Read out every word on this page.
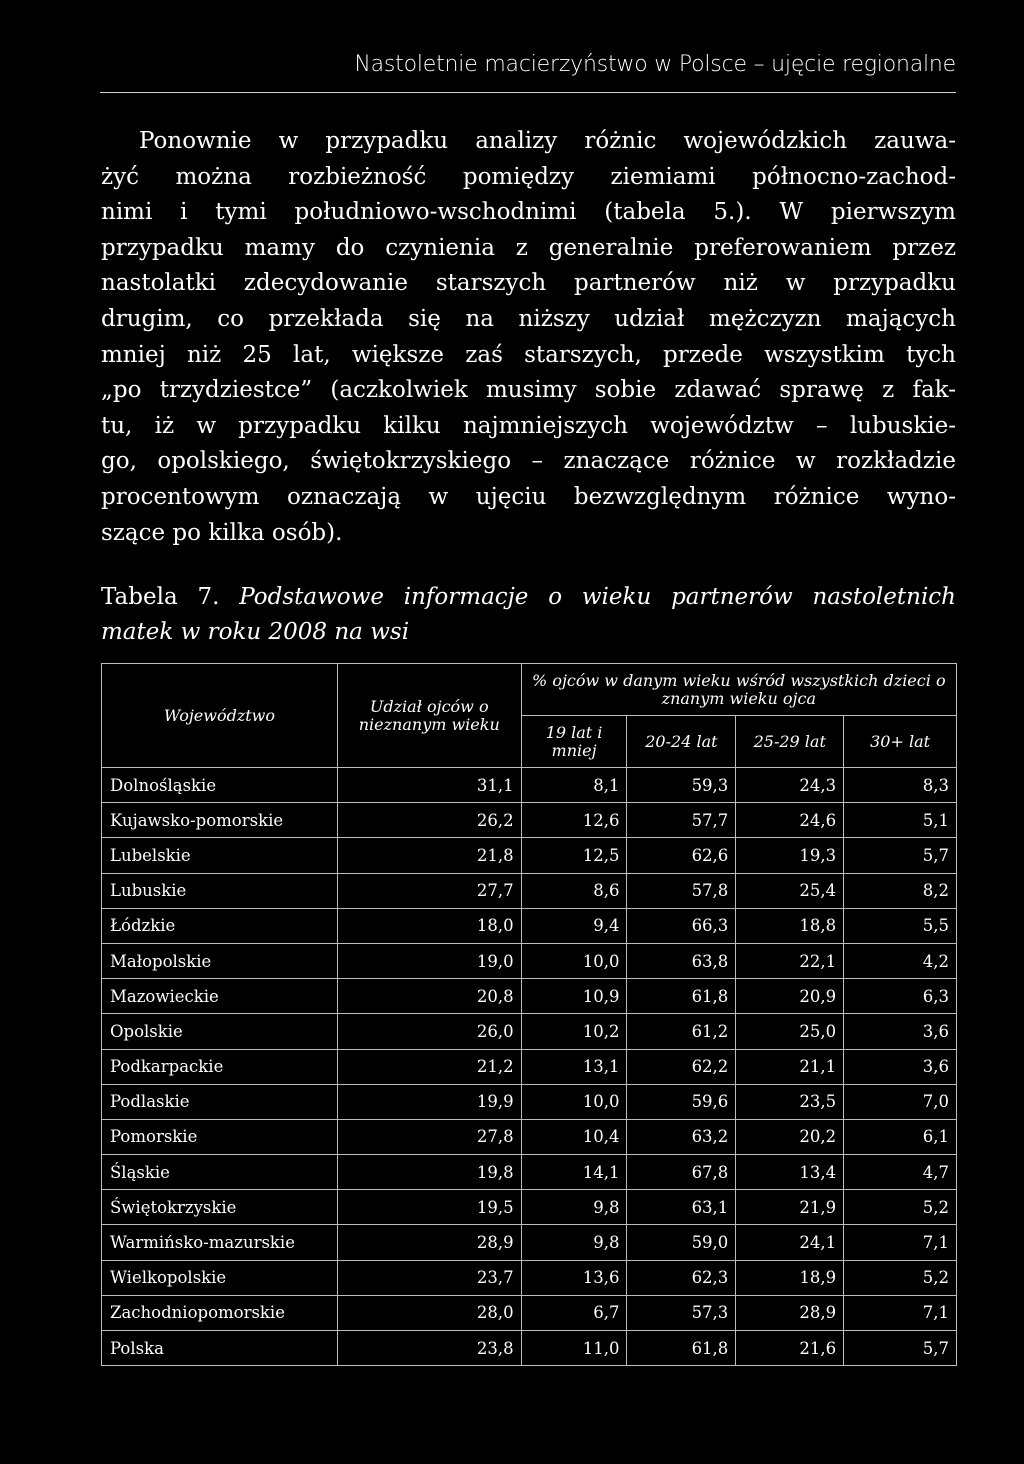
Nastoletnie macierzyństwo w Polsce – ujęcie regionalne
Ponownie w przypadku analizy różnic wojewódzkich zauwa-
żyć można rozbieżność pomiędzy ziemiami północno-zachod-
nimi i tymi południowo-wschodnimi (tabela 5.). W pierwszym
przypadku mamy do czynienia z generalnie preferowaniem przez
nastolatki zdecydowanie starszych partnerów niż w przypadku
drugim, co przekłada się na niższy udział mężczyzn mających
mniej niż 25 lat, większe zaś starszych, przede wszystkim tych
„po trzydziestce” (aczkolwiek musimy sobie zdawać sprawę z fak-
tu, iż w przypadku kilku najmniejszych województw – lubuskie-
go, opolskiego, świętokrzyskiego – znaczące różnice w rozkładzie
procentowym oznaczają w ujęciu bezwzględnym różnice wyno-
szące po kilka osób).
Tabela 7. Podstawowe informacje o wieku partnerów nastoletnich
matek w roku 2008 na wsi
Województwo	Udział ojców o nieznanym wieku	% ojców w danym wieku wśród wszystkich dzieci o znanym wieku ojca			
		19 lat i mniej	20-24 lat	25-29 lat	30+ lat
Dolnośląskie	31,1	8,1	59,3	24,3	8,3
Kujawsko-pomorskie	26,2	12,6	57,7	24,6	5,1
Lubelskie	21,8	12,5	62,6	19,3	5,7
Lubuskie	27,7	8,6	57,8	25,4	8,2
Łódzkie	18,0	9,4	66,3	18,8	5,5
Małopolskie	19,0	10,0	63,8	22,1	4,2
Mazowieckie	20,8	10,9	61,8	20,9	6,3
Opolskie	26,0	10,2	61,2	25,0	3,6
Podkarpackie	21,2	13,1	62,2	21,1	3,6
Podlaskie	19,9	10,0	59,6	23,5	7,0
Pomorskie	27,8	10,4	63,2	20,2	6,1
Śląskie	19,8	14,1	67,8	13,4	4,7
Świętokrzyskie	19,5	9,8	63,1	21,9	5,2
Warmińsko-mazurskie	28,9	9,8	59,0	24,1	7,1
Wielkopolskie	23,7	13,6	62,3	18,9	5,2
Zachodniopomorskie	28,0	6,7	57,3	28,9	7,1
Polska	23,8	11,0	61,8	21,6	5,7
